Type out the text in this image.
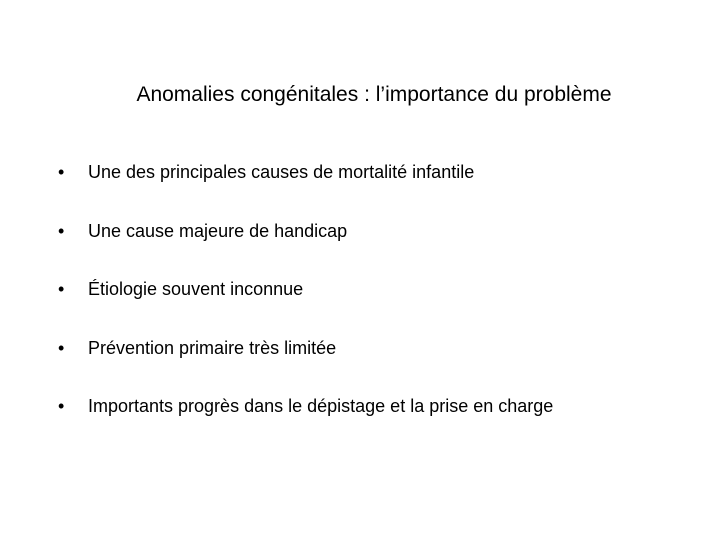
Anomalies congénitales : l’importance du problème
•	Une des principales causes de mortalité infantile
•	Une cause majeure de handicap
•	Étiologie souvent inconnue
•	Prévention primaire très limitée
•	Importants progrès dans le dépistage et la prise en charge
